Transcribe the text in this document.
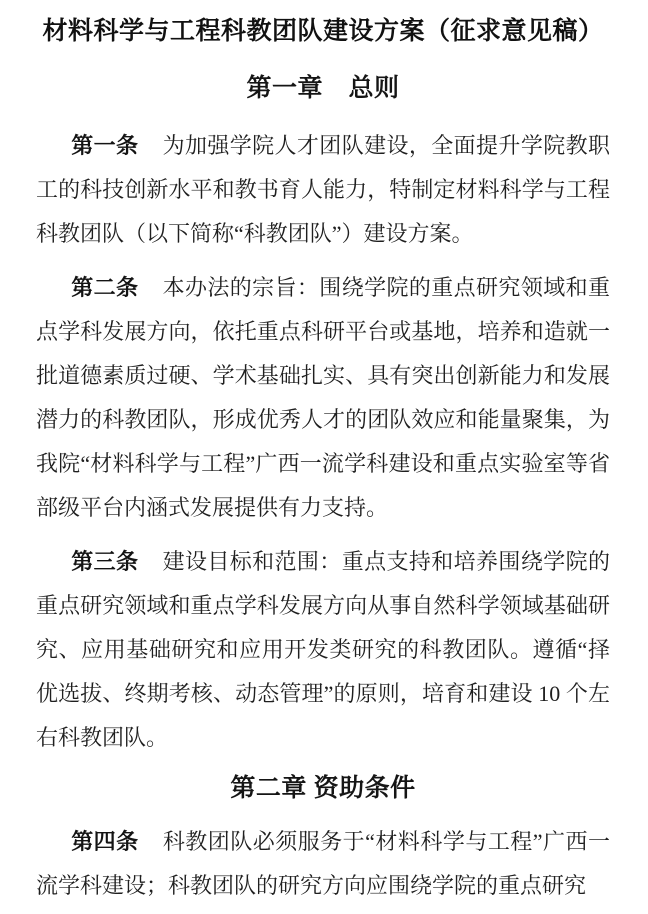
材料科学与工程科教团队建设方案（征求意见稿）
第一章　总则

第一条 为加强学院人才团队建设，全面提升学院教职工的科技创新水平和教书育人能力，特制定材料科学与工程科教团队（以下简称“科教团队”）建设方案。

第二条 本办法的宗旨：围绕学院的重点研究领域和重点学科发展方向，依托重点科研平台或基地，培养和造就一批道德素质过硬、学术基础扎实、具有突出创新能力和发展潜力的科教团队，形成优秀人才的团队效应和能量聚集，为我院“材料科学与工程”广西一流学科建设和重点实验室等省部级平台内涵式发展提供有力支持。

第三条 建设目标和范围：重点支持和培养围绕学院的重点研究领域和重点学科发展方向从事自然科学领域基础研究、应用基础研究和应用开发类研究的科教团队。遵循“择优选拔、终期考核、动态管理”的原则，培育和建设 10 个左右科教团队。

第二章 资助条件

第四条 科教团队必须服务于“材料科学与工程”广西一流学科建设；科教团队的研究方向应围绕学院的重点研究
